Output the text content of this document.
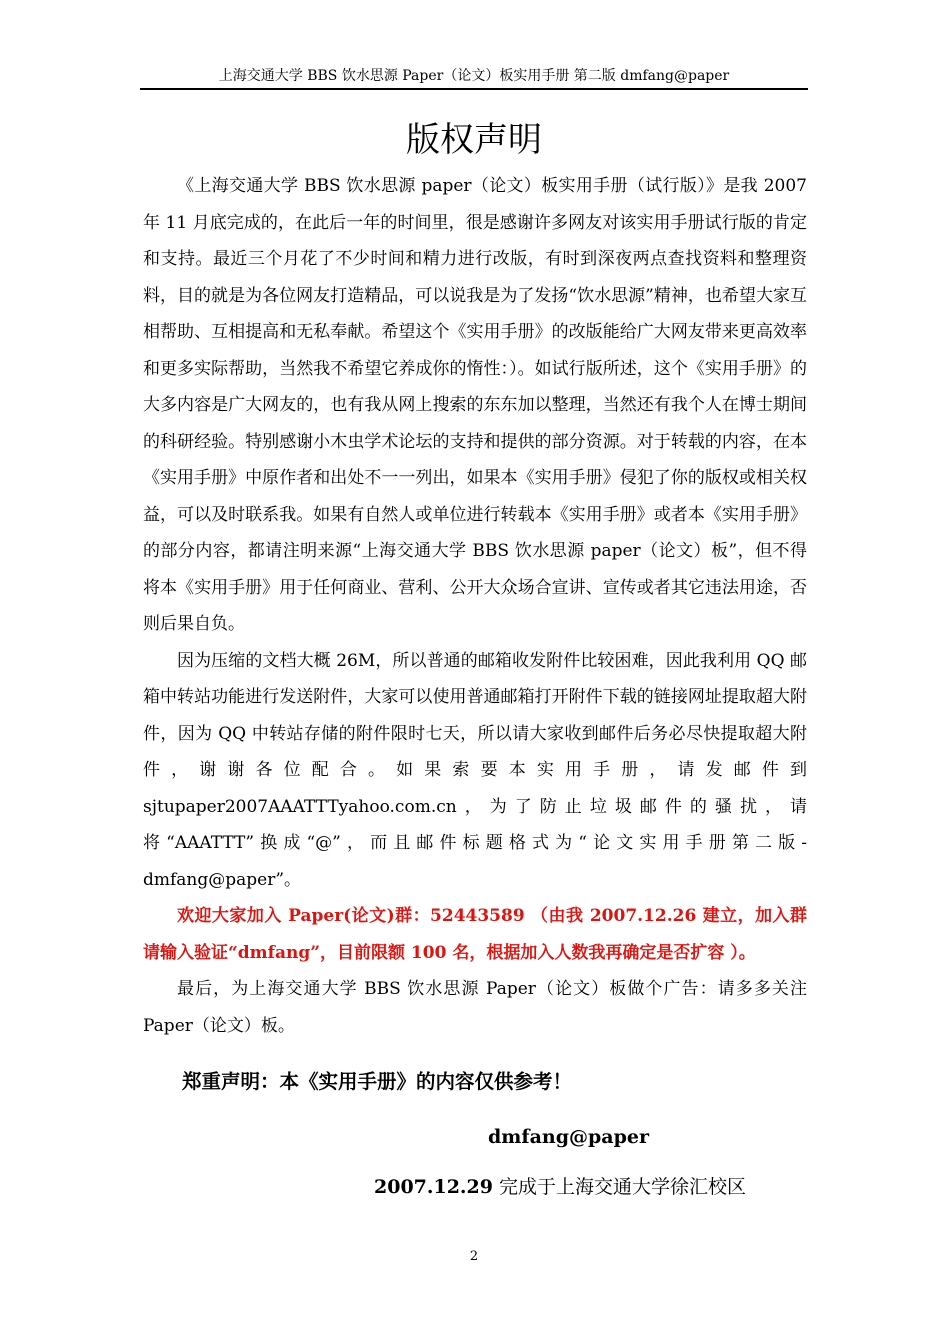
上海交通大学 BBS 饮水思源 Paper（论文）板实用手册 第二版 dmfang@paper
版权声明

《上海交通大学 BBS 饮水思源 paper（论文）板实用手册（试行版）》是我 2007 年 11 月底完成的，在此后一年的时间里，很是感谢许多网友对该实用手册试行版的肯定和支持。最近三个月花了不少时间和精力进行改版，有时到深夜两点查找资料和整理资料，目的就是为各位网友打造精品，可以说我是为了发扬“饮水思源”精神，也希望大家互相帮助、互相提高和无私奉献。希望这个《实用手册》的改版能给广大网友带来更高效率和更多实际帮助，当然我不希望它养成你的惰性：）。如试行版所述，这个《实用手册》的大多内容是广大网友的，也有我从网上搜索的东东加以整理，当然还有我个人在博士期间的科研经验。特别感谢小木虫学术论坛的支持和提供的部分资源。对于转载的内容，在本《实用手册》中原作者和出处不一一列出，如果本《实用手册》侵犯了你的版权或相关权益，可以及时联系我。如果有自然人或单位进行转载本《实用手册》或者本《实用手册》的部分内容，都请注明来源“上海交通大学 BBS 饮水思源 paper（论文）板”，但不得将本《实用手册》用于任何商业、营利、公开大众场合宣讲、宣传或者其它违法用途，否则后果自负。

因为压缩的文档大概 26M，所以普通的邮箱收发附件比较困难，因此我利用 QQ 邮箱中转站功能进行发送附件，大家可以使用普通邮箱打开附件下载的链接网址提取超大附件，因为 QQ 中转站存储的附件限时七天，所以请大家收到邮件后务必尽快提取超大附件，谢谢各位配合。如果索要本实用手册，请发邮件到 sjtupaper2007AAATTTyahoo.com.cn，为了防止垃圾邮件的骚扰，请将“AAATTT”换成“@”，而且邮件标题格式为“论文实用手册第二版-dmfang@paper”。

欢迎大家加入 Paper(论文)群：52443589 （由我 2007.12.26 建立，加入群请输入验证“dmfang”，目前限额 100 名，根据加入人数我再确定是否扩容 ）。

最后，为上海交通大学 BBS 饮水思源 Paper（论文）板做个广告：请多多关注 Paper（论文）板。

郑重声明：本《实用手册》的内容仅供参考！
dmfang@paper
2007.12.29 完成于上海交通大学徐汇校区
2
